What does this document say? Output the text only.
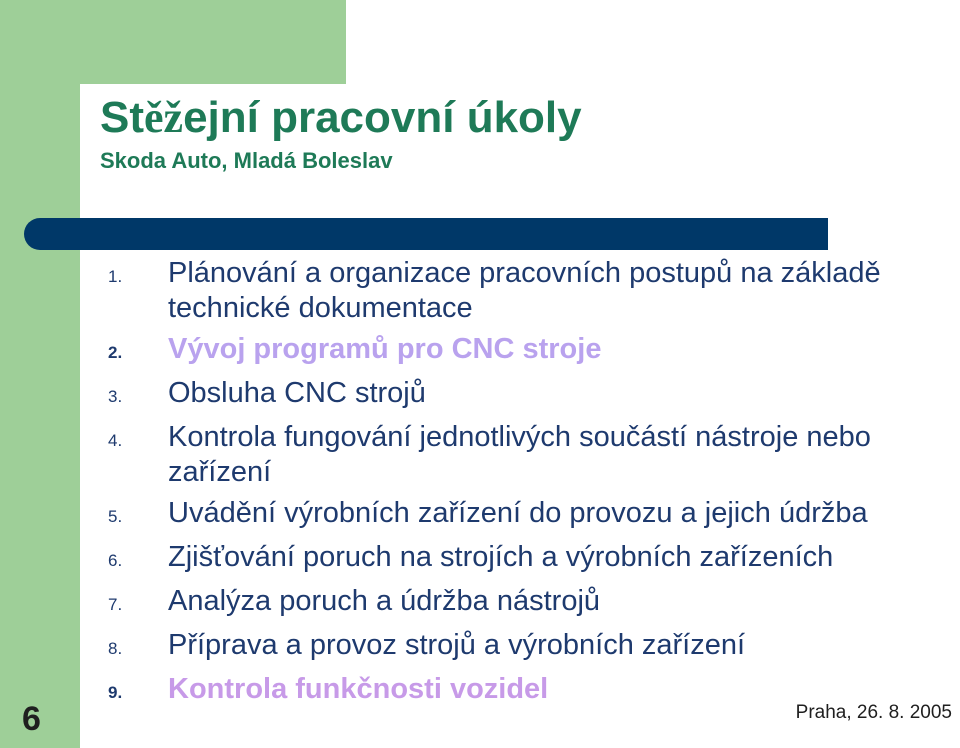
6
Stěžejní pracovní úkoly
Skoda Auto, Mladá Boleslav
1.	Plánování a organizace pracovních postupů na základě technické dokumentace
2.	Vývoj programů pro CNC stroje
3.	Obsluha CNC strojů
4.	Kontrola fungování jednotlivých součástí nástroje nebo zařízení
5.	Uvádění výrobních zařízení do provozu a jejich údržba
6.	Zjišťování poruch na strojích a výrobních zařízeních
7.	Analýza poruch a údržba nástrojů
8.	Příprava a provoz strojů a výrobních zařízení
9.	Kontrola funkčnosti vozidel
Praha, 26. 8. 2005
